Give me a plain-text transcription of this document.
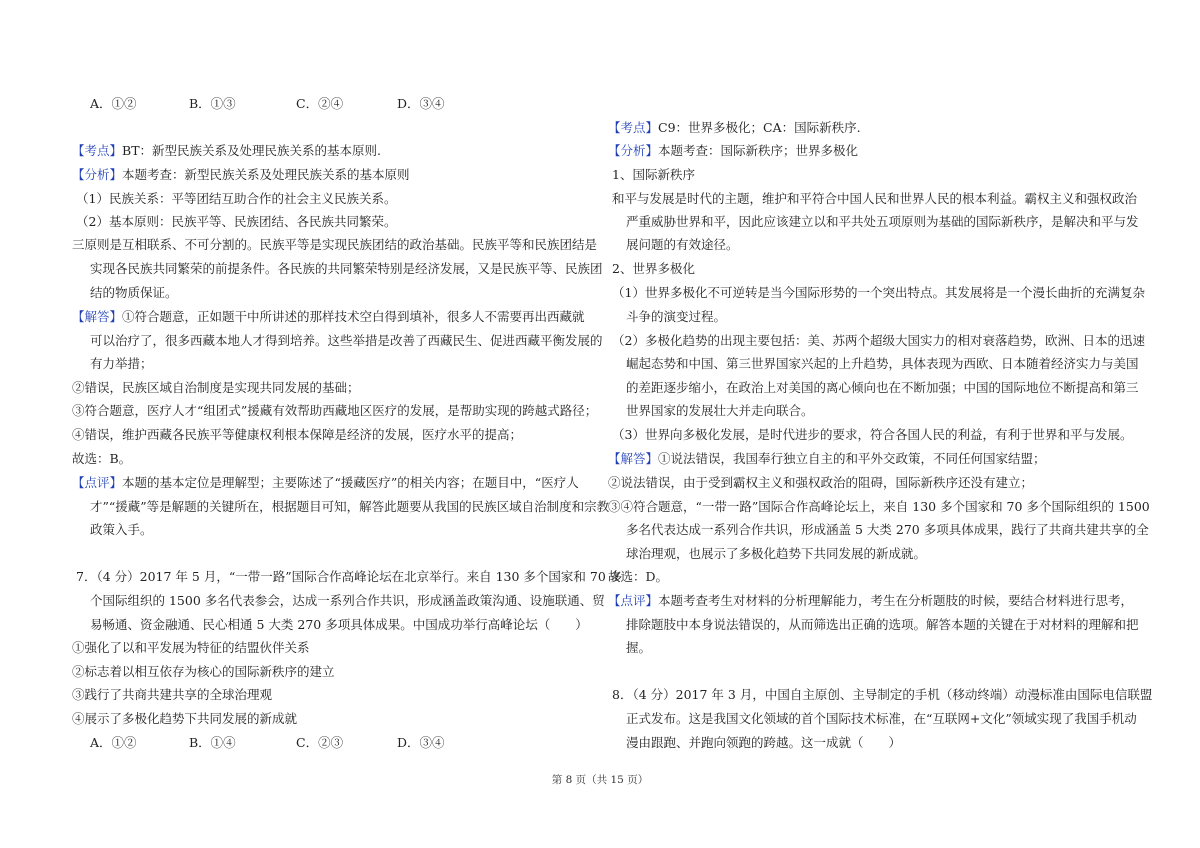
A．①②	B．①③	C．②④	D．③④
【考点】BT：新型民族关系及处理民族关系的基本原则.
【分析】本题考查：新型民族关系及处理民族关系的基本原则
（1）民族关系：平等团结互助合作的社会主义民族关系。
（2）基本原则：民族平等、民族团结、各民族共同繁荣。
三原则是互相联系、不可分割的。民族平等是实现民族团结的政治基础。民族平等和民族团结是
实现各民族共同繁荣的前提条件。各民族的共同繁荣特别是经济发展，又是民族平等、民族团
结的物质保证。
【解答】①符合题意，正如题干中所讲述的那样技术空白得到填补，很多人不需要再出西藏就
可以治疗了，很多西藏本地人才得到培养。这些举措是改善了西藏民生、促进西藏平衡发展的
有力举措；
②错误，民族区域自治制度是实现共同发展的基础；
③符合题意，医疗人才“组团式”援藏有效帮助西藏地区医疗的发展，是帮助实现的跨越式路径；
④错误，维护西藏各民族平等健康权利根本保障是经济的发展，医疗水平的提高；
故选：B。
【点评】本题的基本定位是理解型；主要陈述了“援藏医疗”的相关内容；在题目中，“医疗人
才”“援藏”等是解题的关键所在，根据题目可知，解答此题要从我国的民族区域自治制度和宗教
政策入手。
7．（4 分）2017 年 5 月，“一带一路”国际合作高峰论坛在北京举行。来自 130 多个国家和 70 多
个国际组织的 1500 多名代表参会，达成一系列合作共识，形成涵盖政策沟通、设施联通、贸
易畅通、资金融通、民心相通 5 大类 270 多项具体成果。中国成功举行高峰论坛（　　）
①强化了以和平发展为特征的结盟伙伴关系
②标志着以相互依存为核心的国际新秩序的建立
③践行了共商共建共享的全球治理观
④展示了多极化趋势下共同发展的新成就
A．①②	B．①④	C．②③	D．③④
【考点】C9：世界多极化；CA：国际新秩序.
【分析】本题考查：国际新秩序；世界多极化
1、国际新秩序
和平与发展是时代的主题，维护和平符合中国人民和世界人民的根本利益。霸权主义和强权政治
严重威胁世界和平，因此应该建立以和平共处五项原则为基础的国际新秩序，是解决和平与发
展问题的有效途径。
2、世界多极化
（1）世界多极化不可逆转是当今国际形势的一个突出特点。其发展将是一个漫长曲折的充满复杂
斗争的演变过程。
（2）多极化趋势的出现主要包括：美、苏两个超级大国实力的相对衰落趋势，欧洲、日本的迅速
崛起态势和中国、第三世界国家兴起的上升趋势，具体表现为西欧、日本随着经济实力与美国
的差距逐步缩小，在政治上对美国的离心倾向也在不断加强；中国的国际地位不断提高和第三
世界国家的发展壮大并走向联合。
（3）世界向多极化发展，是时代进步的要求，符合各国人民的利益，有利于世界和平与发展。
【解答】①说法错误，我国奉行独立自主的和平外交政策，不同任何国家结盟；
②说法错误，由于受到霸权主义和强权政治的阻碍，国际新秩序还没有建立；
③④符合题意，“一带一路”国际合作高峰论坛上，来自 130 多个国家和 70 多个国际组织的 1500
多名代表达成一系列合作共识，形成涵盖 5 大类 270 多项具体成果，践行了共商共建共享的全
球治理观，也展示了多极化趋势下共同发展的新成就。
故选：D。
【点评】本题考查考生对材料的分析理解能力，考生在分析题肢的时候，要结合材料进行思考，
排除题肢中本身说法错误的，从而筛选出正确的选项。解答本题的关键在于对材料的理解和把
握。
8．（4 分）2017 年 3 月，中国自主原创、主导制定的手机（移动终端）动漫标准由国际电信联盟
正式发布。这是我国文化领域的首个国际技术标准，在“互联网+文化”领域实现了我国手机动
漫由跟跑、并跑向领跑的跨越。这一成就（　　）
第 8 页（共 15 页）
